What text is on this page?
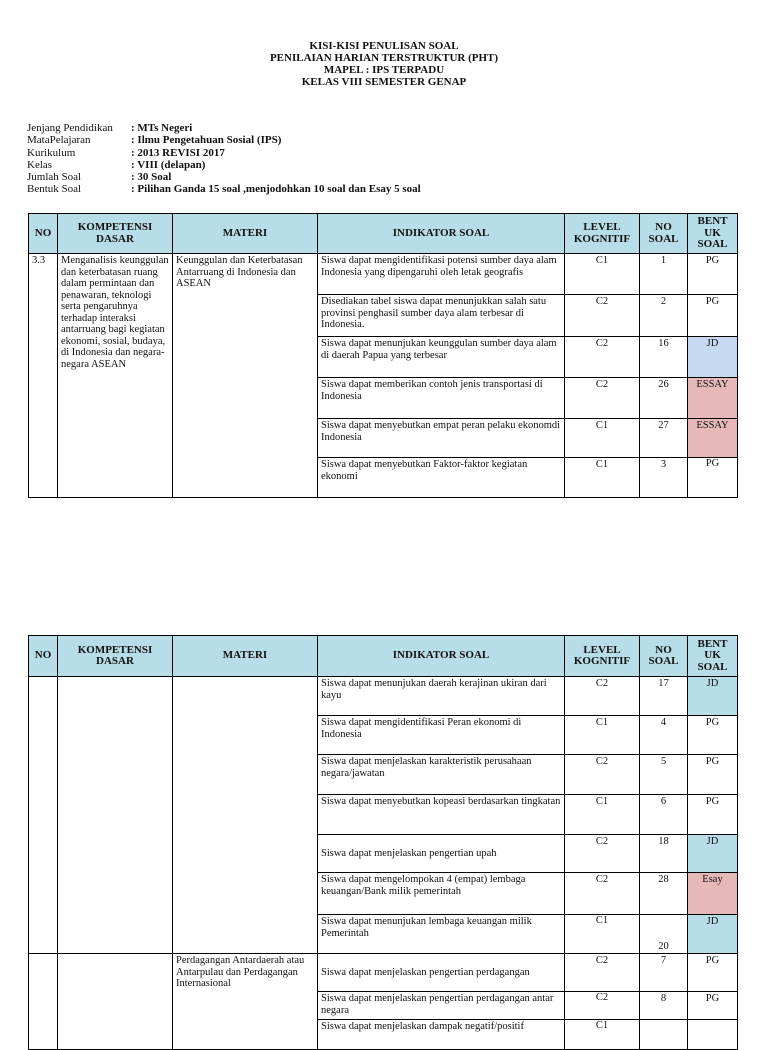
KISI-KISI PENULISAN SOAL
PENILAIAN HARIAN TERSTRUKTUR (PHT)
MAPEL : IPS TERPADU
KELAS VIII SEMESTER GENAP
Jenjang Pendidikan	: MTs Negeri
MataPelajaran	: Ilmu Pengetahuan Sosial (IPS)
Kurikulum	: 2013 REVISI 2017
Kelas	: VIII (delapan)
Jumlah Soal	: 30 Soal
Bentuk Soal	: Pilihan Ganda 15 soal ,menjodohkan 10 soal dan Esay 5 soal
NO	KOMPETENSI DASAR	MATERI	INDIKATOR SOAL	LEVEL KOGNITIF	NO SOAL	BENT UK SOAL
3.3	Menganalisis keunggulan dan keterbatasan ruang dalam permintaan dan penawaran, teknologi serta pengaruhnya terhadap interaksi antarruang bagi kegiatan ekonomi, sosial, budaya, di Indonesia dan negara-negara ASEAN	Keunggulan dan Keterbatasan Antarruang di Indonesia dan ASEAN	Siswa dapat mengidentifikasi potensi sumber daya alam Indonesia yang dipengaruhi oleh letak geografis	C1	1	PG
			Disediakan tabel siswa dapat menunjukkan salah satu provinsi penghasil sumber daya alam terbesar di Indonesia.	C2	2	PG
			Siswa dapat menunjukan keunggulan sumber daya alam di daerah Papua yang terbesar	C2	16	JD
			Siswa dapat memberikan contoh jenis transportasi di Indonesia	C2	26	ESSAY
			Siswa dapat menyebutkan empat peran pelaku ekonomdi Indonesia	C1	27	ESSAY
			Siswa dapat menyebutkan Faktor-faktor kegiatan ekonomi	C1	3	PG
NO	KOMPETENSI DASAR	MATERI	INDIKATOR SOAL	LEVEL KOGNITIF	NO SOAL	BENT UK SOAL
			Siswa dapat menunjukan daerah kerajinan ukiran dari kayu	C2	17	JD
			Siswa dapat mengidentifikasi Peran ekonomi di Indonesia	C1	4	PG
			Siswa dapat menjelaskan karakteristik perusahaan negara/jawatan	C2	5	PG
			Siswa dapat menyebutkan kopeasi berdasarkan tingkatan	C1	6	PG
			Siswa dapat menjelaskan pengertian upah	C2	18	JD
			Siswa dapat mengelompokan 4 (empat) lembaga keuangan/Bank milik pemerintah	C2	28	Esay
			Siswa dapat menunjukan lembaga keuangan milik Pemerintah	C1	20	JD
		Perdagangan Antardaerah atau Antarpulau dan Perdagangan Internasional	Siswa dapat menjelaskan pengertian perdagangan	C2	7	PG
			Siswa dapat menjelaskan pengertian perdagangan antar negara	C2	8	PG
			Siswa dapat menjelaskan dampak negatif/positif	C1		
